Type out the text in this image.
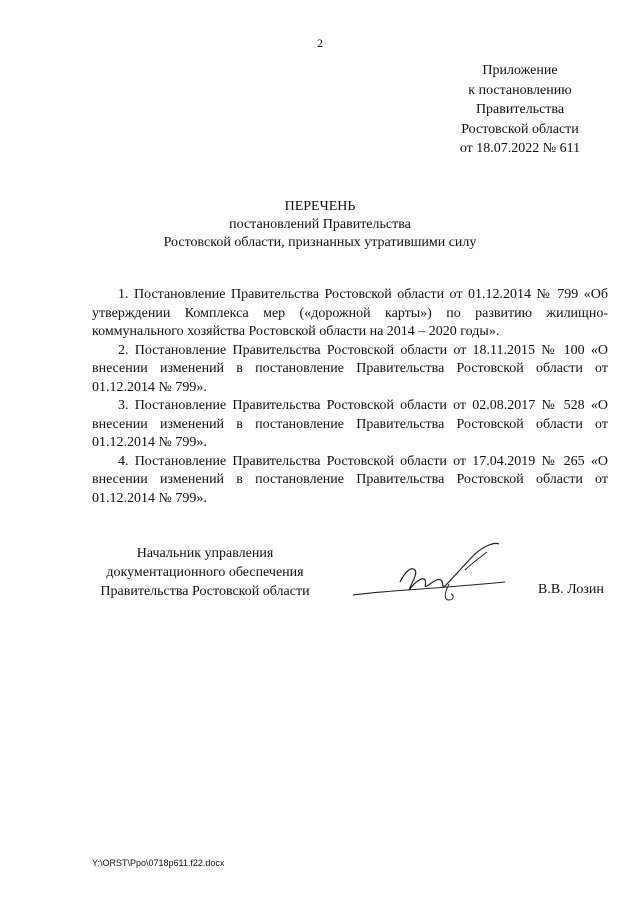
2
Приложение
к постановлению
Правительства
Ростовской области
от 18.07.2022 № 611
ПЕРЕЧЕНЬ
постановлений Правительства
Ростовской области, признанных утратившими силу

1. Постановление Правительства Ростовской области от 01.12.2014 № 799 «Об утверждении Комплекса мер («дорожной карты») по развитию жилищно-коммунального хозяйства Ростовской области на 2014 – 2020 годы».

2. Постановление Правительства Ростовской области от 18.11.2015 № 100 «О внесении изменений в постановление Правительства Ростовской области от 01.12.2014 № 799».

3. Постановление Правительства Ростовской области от 02.08.2017 № 528 «О внесении изменений в постановление Правительства Ростовской области от 01.12.2014 № 799».

4. Постановление Правительства Ростовской области от 17.04.2019 № 265 «О внесении изменений в постановление Правительства Ростовской области от 01.12.2014 № 799».

Начальник управления
документационного обеспечения
Правительства Ростовской области	В.В. Лозин
Y:\ORST\Ppo\0718p611.f22.docx
